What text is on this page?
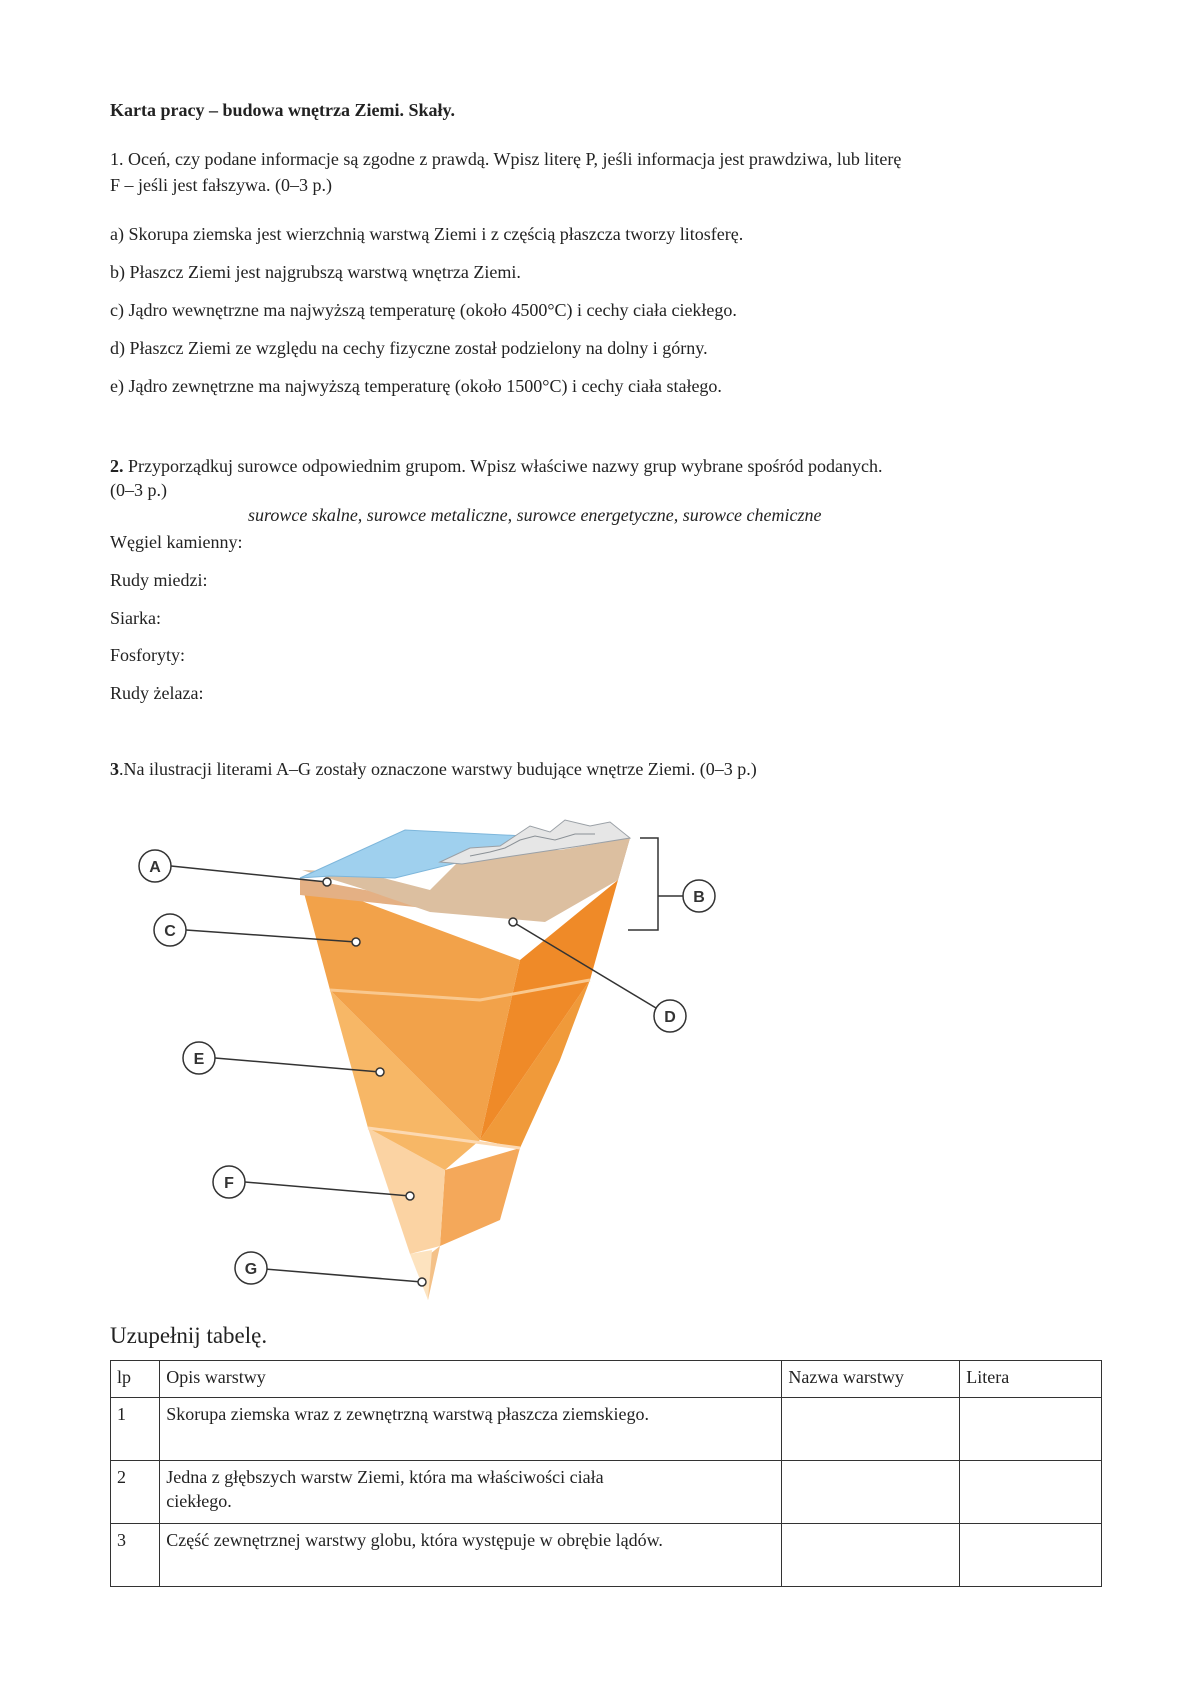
Karta pracy – budowa wnętrza Ziemi. Skały.
1. Oceń, czy podane informacje są zgodne z prawdą. Wpisz literę P, jeśli informacja jest prawdziwa, lub literę
F – jeśli jest fałszywa. (0–3 p.)
a) Skorupa ziemska jest wierzchnią warstwą Ziemi i z częścią płaszcza tworzy litosferę.
b) Płaszcz Ziemi jest najgrubszą warstwą wnętrza Ziemi.
c) Jądro wewnętrzne ma najwyższą temperaturę (około 4500°C) i cechy ciała ciekłego.
d) Płaszcz Ziemi ze względu na cechy fizyczne został podzielony na dolny i górny.
e) Jądro zewnętrzne ma najwyższą temperaturę (około 1500°C) i cechy ciała stałego.
2. Przyporządkuj surowce odpowiednim grupom. Wpisz właściwe nazwy grup wybrane spośród podanych.
(0–3 p.)
surowce skalne, surowce metaliczne, surowce energetyczne, surowce chemiczne
Węgiel kamienny:
Rudy miedzi:
Siarka:
Fosforyty:
Rudy żelaza:
3.Na ilustracji literami A–G zostały oznaczone warstwy budujące wnętrze Ziemi. (0–3 p.)
A
B
C
D
E
F
G
Uzupełnij tabelę.
lp	Opis warstwy	Nazwa warstwy	Litera
1	Skorupa ziemska wraz z zewnętrzną warstwą płaszcza ziemskiego.		

2	Jedna z głębszych warstw Ziemi, która ma właściwości ciała ciekłego.		

3	Część zewnętrznej warstwy globu, która występuje w obrębie lądów.		
